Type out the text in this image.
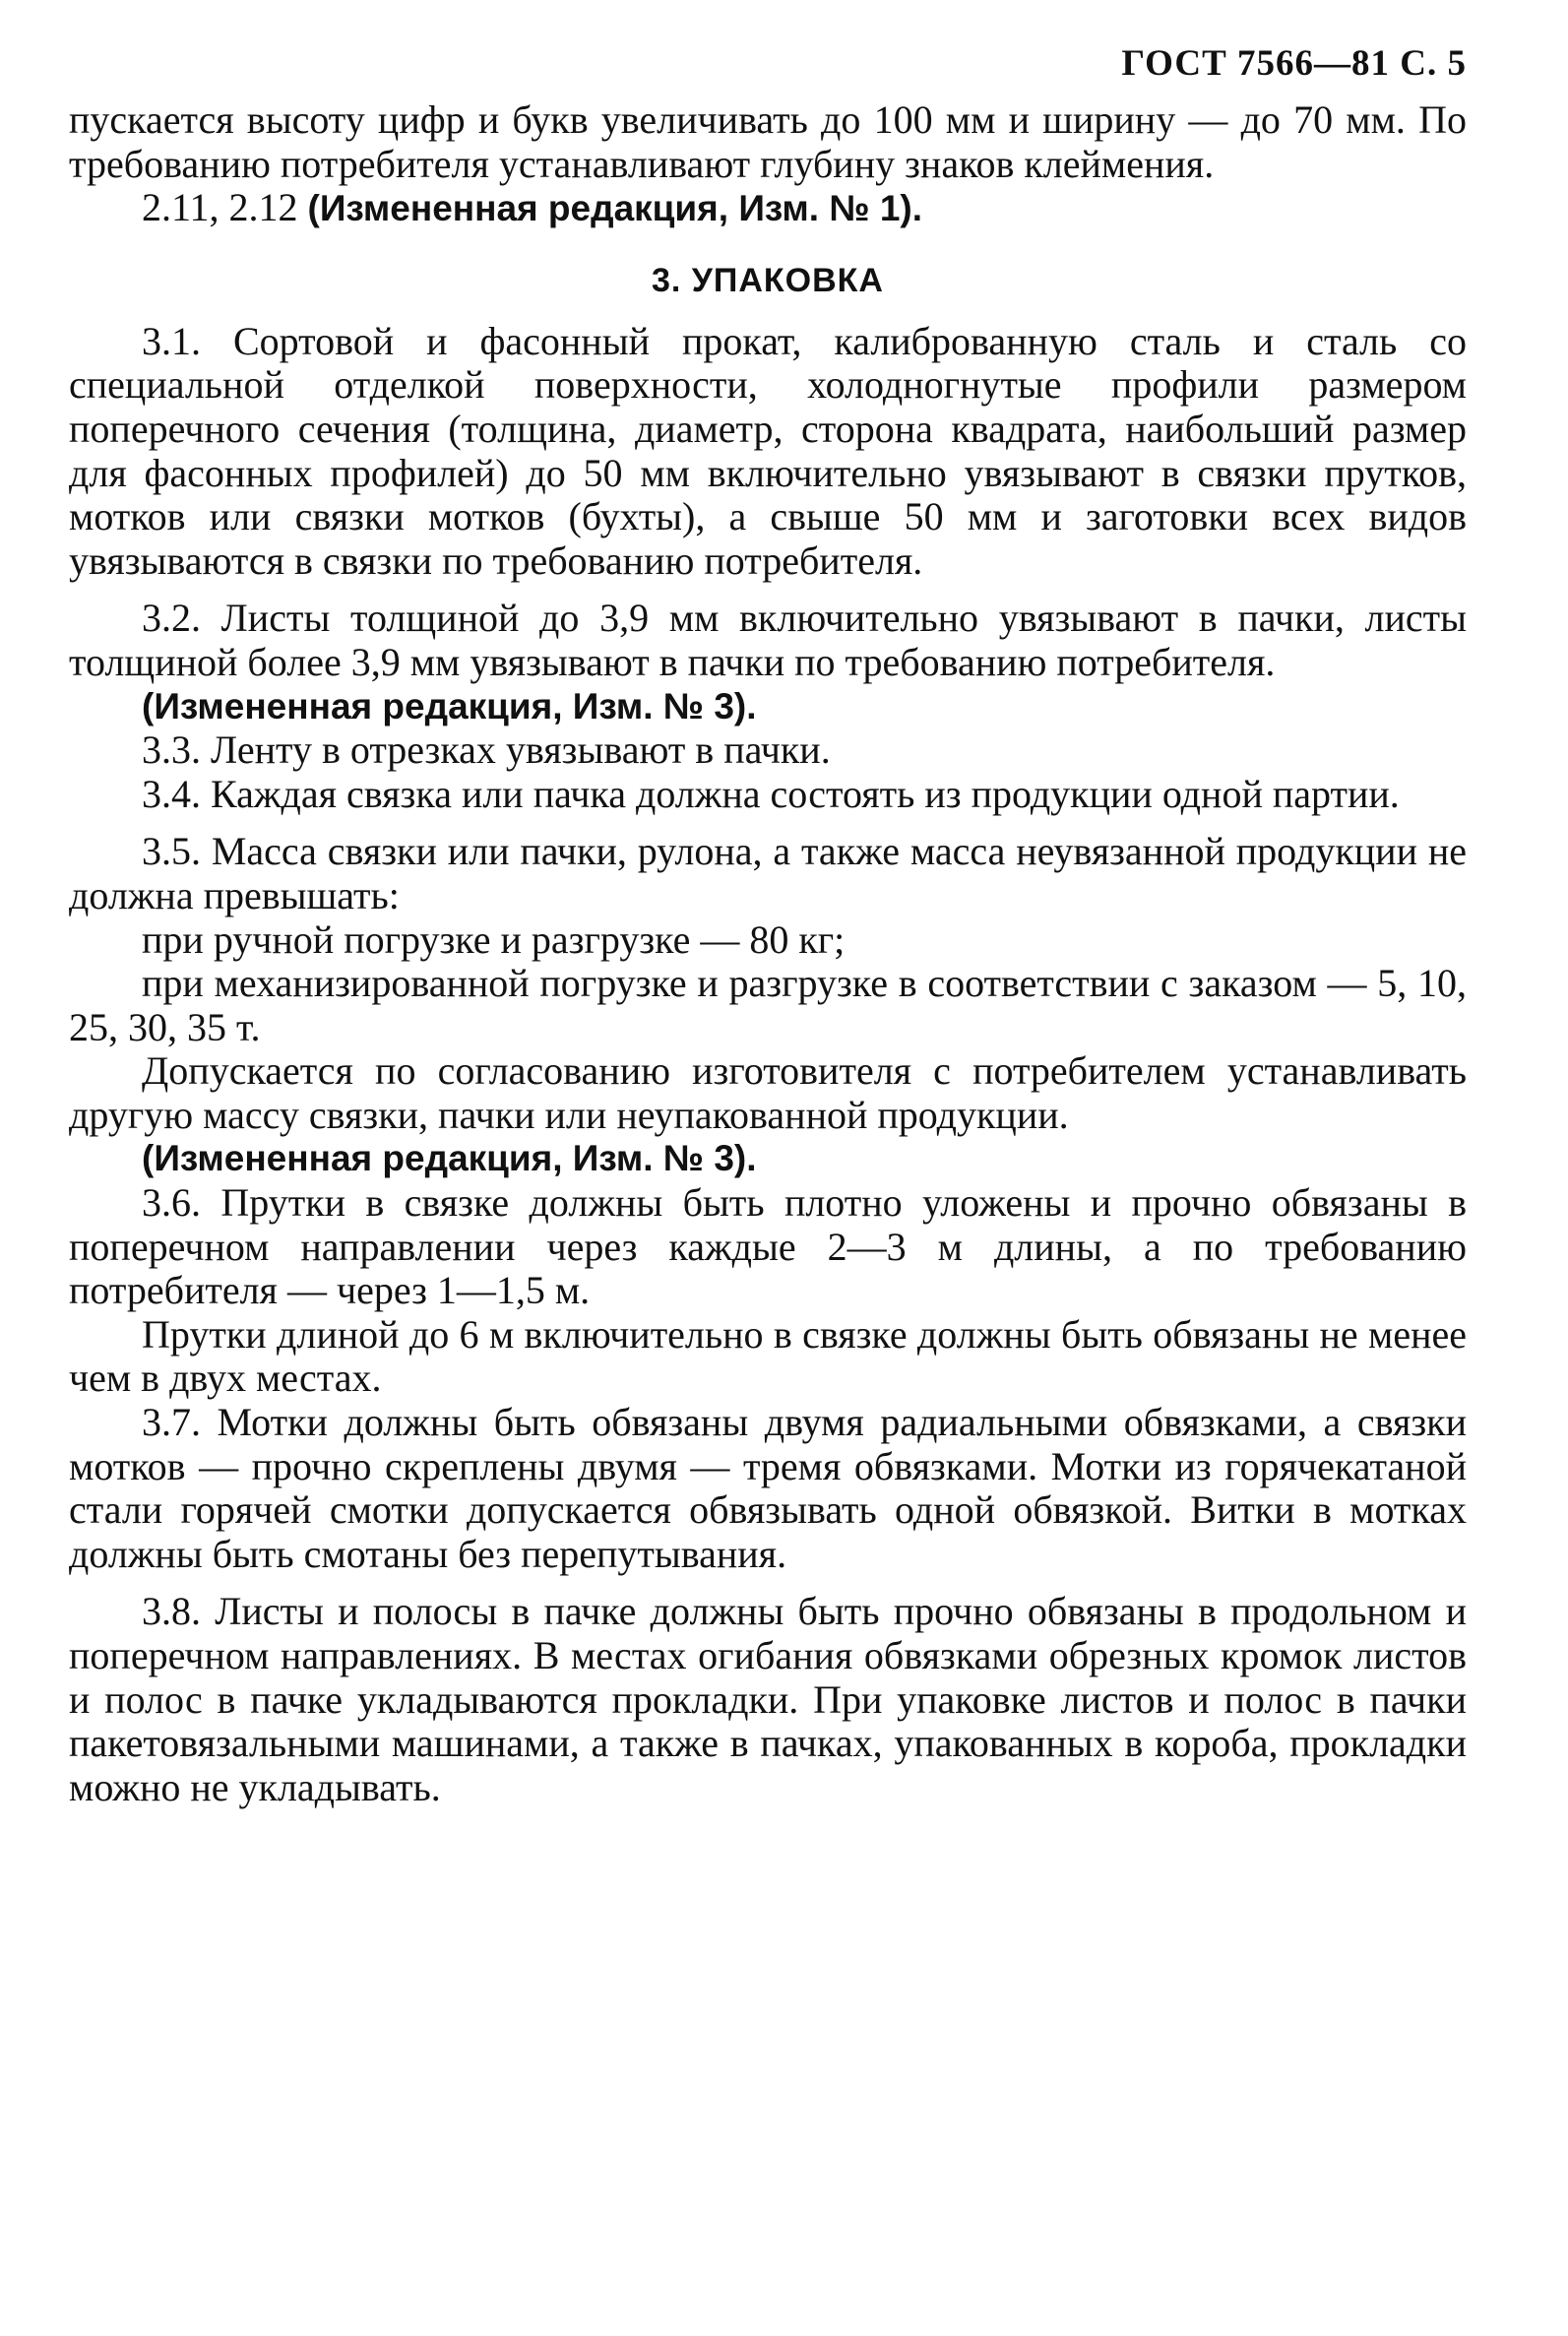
ГОСТ 7566—81 С. 5

пускается высоту цифр и букв увеличивать до 100 мм и ширину — до 70 мм. По требованию потребителя устанавливают глубину знаков клеймения.

2.11, 2.12 (Измененная редакция, Изм. № 1).

3. УПАКОВКА

3.1. Сортовой и фасонный прокат, калиброванную сталь и сталь со специальной отделкой поверхности, холодногнутые профили размером поперечного сечения (толщина, диаметр, сторона квадрата, наибольший размер для фасонных профилей) до 50 мм включительно увязывают в связки прутков, мотков или связки мотков (бухты), а свыше 50 мм и заготовки всех видов увязываются в связки по требованию потребителя.

3.2. Листы толщиной до 3,9 мм включительно увязывают в пачки, листы толщиной более 3,9 мм увязывают в пачки по требованию потребителя.

(Измененная редакция, Изм. № 3).

3.3. Ленту в отрезках увязывают в пачки.

3.4. Каждая связка или пачка должна состоять из продукции одной партии.

3.5. Масса связки или пачки, рулона, а также масса неувязанной продукции не должна превышать:

при ручной погрузке и разгрузке — 80 кг;

при механизированной погрузке и разгрузке в соответствии с заказом — 5, 10, 25, 30, 35 т.

Допускается по согласованию изготовителя с потребителем устанавливать другую массу связки, пачки или неупакованной продукции.

(Измененная редакция, Изм. № 3).

3.6. Прутки в связке должны быть плотно уложены и прочно обвязаны в поперечном направлении через каждые 2—3 м длины, а по требованию потребителя — через 1—1,5 м.

Прутки длиной до 6 м включительно в связке должны быть обвязаны не менее чем в двух местах.

3.7. Мотки должны быть обвязаны двумя радиальными обвязками, а связки мотков — прочно скреплены двумя — тремя обвязками. Мотки из горячекатаной стали горячей смотки допускается обвязывать одной обвязкой. Витки в мотках должны быть смотаны без перепутывания.

3.8. Листы и полосы в пачке должны быть прочно обвязаны в продольном и поперечном направлениях. В местах огибания обвязками обрезных кромок листов и полос в пачке укладываются прокладки. При упаковке листов и полос в пачки пакетовязальными машинами, а также в пачках, упакованных в короба, прокладки можно не укладывать.
